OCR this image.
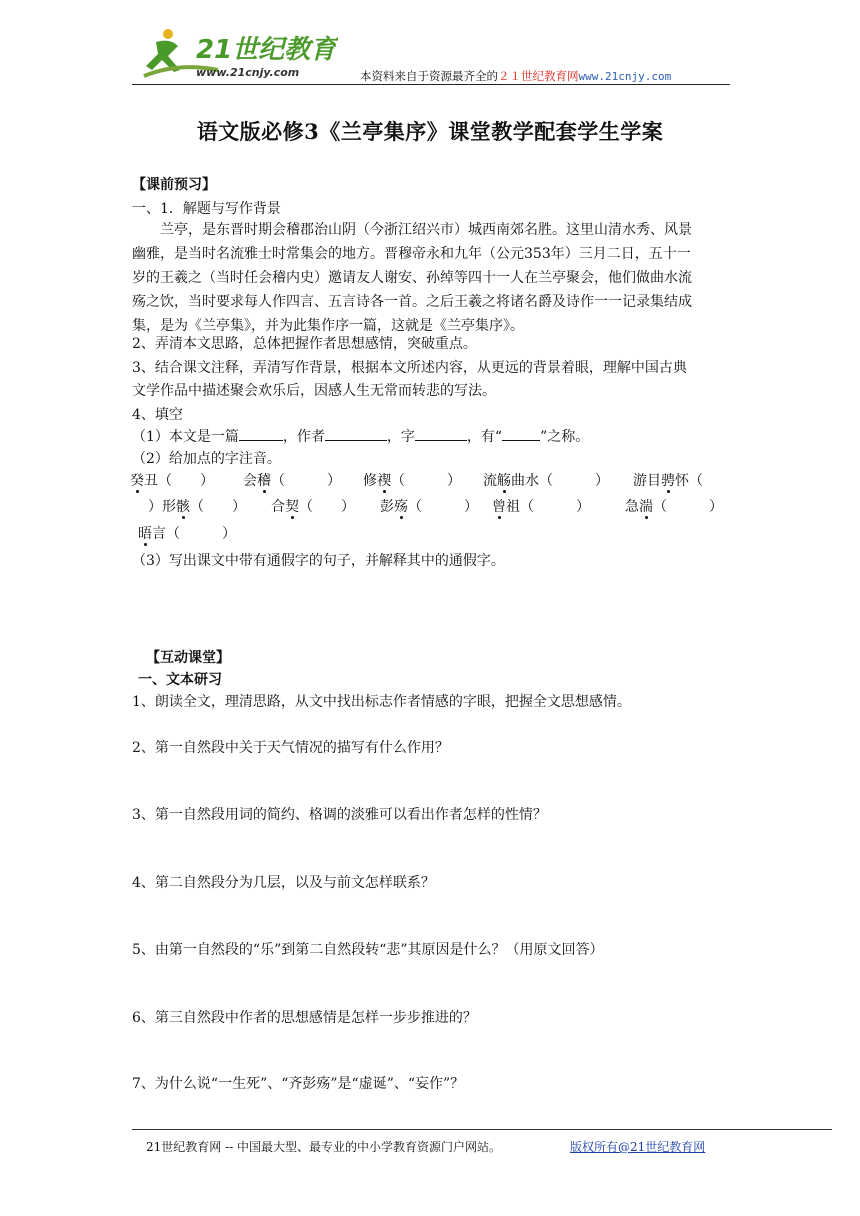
21世纪教育
www.21cnjy.com	本资料来自于资源最齐全的２１世纪教育网www.21cnjy.com
语文版必修3《兰亭集序》课堂教学配套学生学案
【课前预习】
一、1．解题与写作背景
兰亭，是东晋时期会稽郡治山阴（今浙江绍兴市）城西南郊名胜。这里山清水秀、风景
幽雅，是当时名流雅士时常集会的地方。晋穆帝永和九年（公元353年）三月二日，五十一
岁的王羲之（当时任会稽内史）邀请友人谢安、孙绰等四十一人在兰亭聚会，他们做曲水流
殇之饮，当时要求每人作四言、五言诗各一首。之后王羲之将诸名爵及诗作一一记录集结成
集，是为《兰亭集》，并为此集作序一篇，这就是《兰亭集序》。
2、弄清本文思路，总体把握作者思想感情，突破重点。
3、结合课文注释，弄清写作背景，根据本文所述内容，从更远的背景着眼，理解中国古典
文学作品中描述聚会欢乐后，因感人生无常而转悲的写法。
4、填空
（1）本文是一篇	，作者	，字	，有“	”之称。
（2）给加点的字注音。
癸丑（　　） 会稽（　　　） 修禊（　　　） 流觞曲水（　　　） 游目骋怀（
）形骸（　　） 合契（　　） 彭殇（　　　） 曾祖（　　　）	急湍（　　　）
晤言（　　　）
（3）写出课文中带有通假字的句子，并解释其中的通假字。
【互动课堂】
一、文本研习
1、朗读全文，理清思路，从文中找出标志作者情感的字眼，把握全文思想感情。
2、第一自然段中关于天气情况的描写有什么作用？
3、第一自然段用词的简约、格调的淡雅可以看出作者怎样的性情？
4、第二自然段分为几层，以及与前文怎样联系？
5、由第一自然段的“乐”到第二自然段转“悲”其原因是什么？（用原文回答）
6、第三自然段中作者的思想感情是怎样一步步推进的？
7、为什么说“一生死”、“齐彭殇”是“虚诞”、“妄作”？
21世纪教育网 -- 中国最大型、最专业的中小学教育资源门户网站。	版权所有@21世纪教育网
